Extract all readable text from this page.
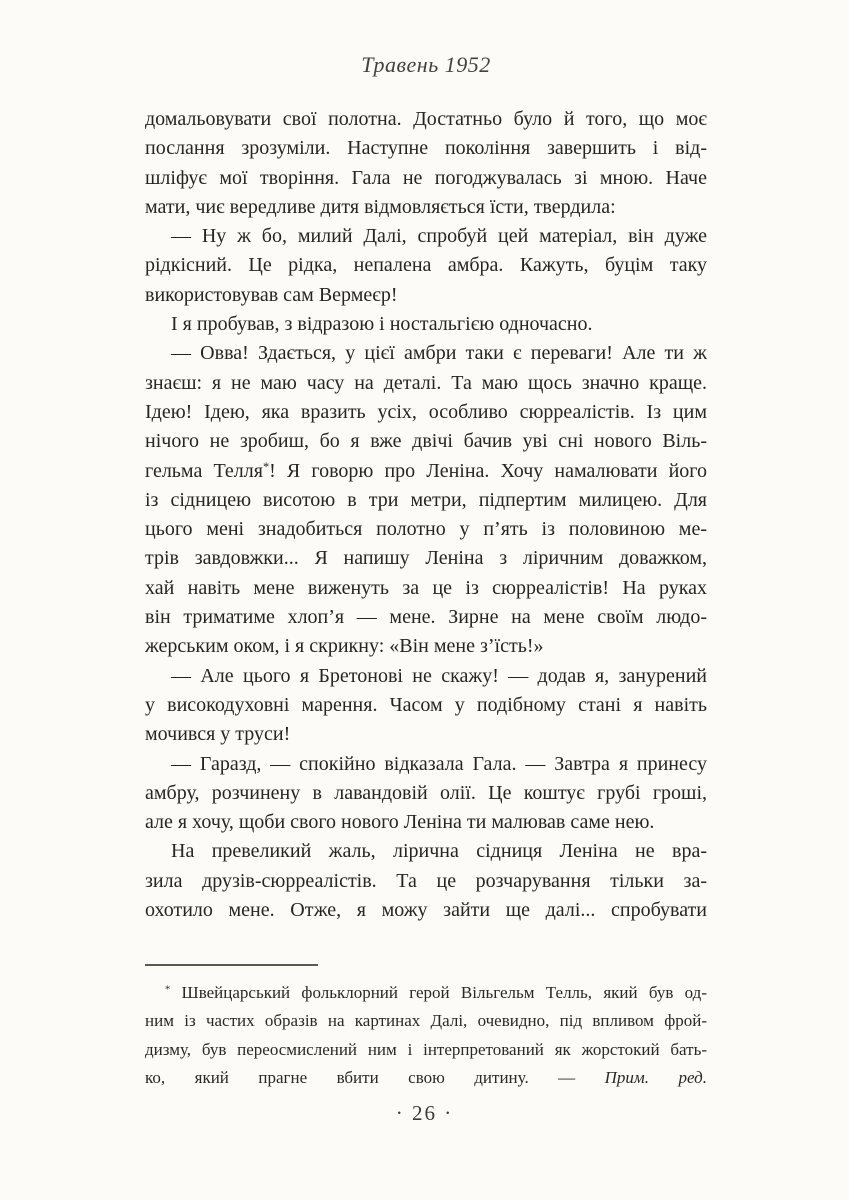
Травень 1952
домальовувати свої полотна. Достатньо було й того, що моє
послання зрозуміли. Наступне покоління завершить і від-
шліфує мої творіння. Гала не погоджувалась зі мною. Наче
мати, чиє вередливе дитя відмовляється їсти, твердила:
— Ну ж бо, милий Далі, спробуй цей матеріал, він дуже
рідкісний. Це рідка, непалена амбра. Кажуть, буцім таку
використовував сам Вермеєр!
І я пробував, з відразою і ностальгією одночасно.
— Овва! Здається, у цієї амбри таки є переваги! Але ти ж
знаєш: я не маю часу на деталі. Та маю щось значно краще.
Ідею! Ідею, яка вразить усіх, особливо сюрреалістів. Із цим
нічого не зробиш, бо я вже двічі бачив уві сні нового Віль-
гельма Телля*! Я говорю про Леніна. Хочу намалювати його
із сідницею висотою в три метри, підпертим милицею. Для
цього мені знадобиться полотно у п’ять із половиною ме-
трів завдовжки... Я напишу Леніна з ліричним доважком,
хай навіть мене виженуть за це із сюрреалістів! На руках
він триматиме хлоп’я — мене. Зирне на мене своїм людо-
жерським оком, і я скрикну: «Він мене з’їсть!»
— Але цього я Бретонові не скажу! — додав я, занурений
у високодуховні марення. Часом у подібному стані я навіть
мочився у труси!
— Гаразд, — спокійно відказала Гала. — Завтра я принесу
амбру, розчинену в лавандовій олії. Це коштує грубі гроші,
але я хочу, щоби свого нового Леніна ти малював саме нею.
На превеликий жаль, лірична сідниця Леніна не вра-
зила друзів-сюрреалістів. Та це розчарування тільки за-
охотило мене. Отже, я можу зайти ще далі... спробувати
* Швейцарський фольклорний герой Вільгельм Телль, який був од-
ним із частих образів на картинах Далі, очевидно, під впливом фрой-
дизму, був переосмислений ним і інтерпретований як жорстокий бать-
ко, який прагне вбити свою дитину. — Прим. ред.
· 26 ·
